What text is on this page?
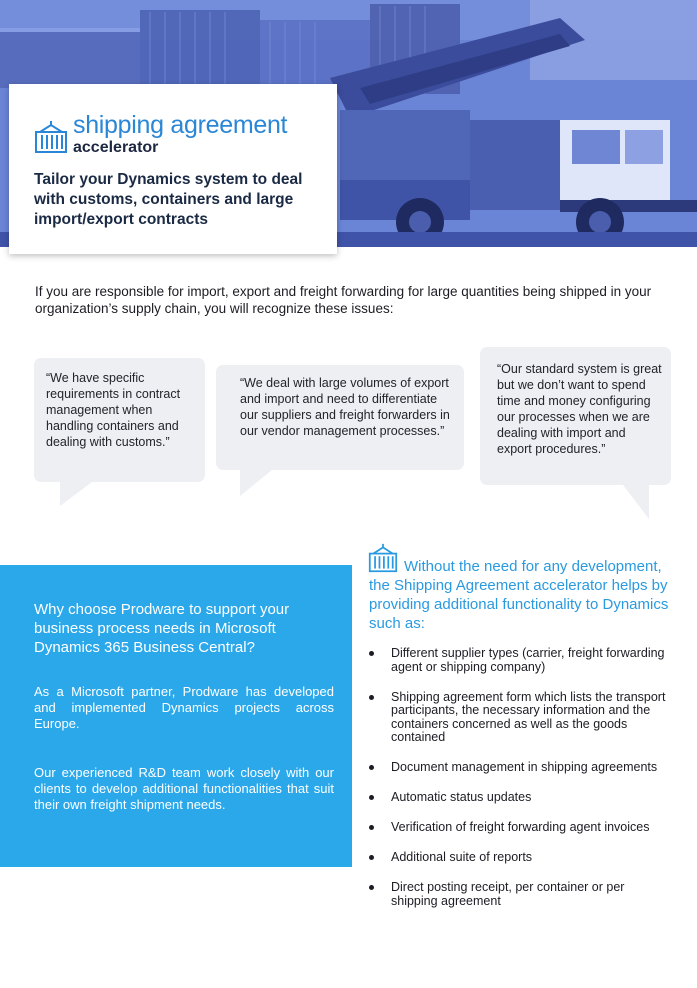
shipping agreement
accelerator
Tailor your Dynamics system to deal with customs, containers and large import/export contracts
If you are responsible for import, export and freight forwarding for large quantities being shipped in your organization’s supply chain, you will recognize these issues:
“We have specific requirements in contract management when handling containers and dealing with customs.”
“We deal with large volumes of export and import and need to differentiate our suppliers and freight forwarders in our vendor management processes.”
“Our standard system is great but we don’t want to spend time and money configuring our processes when we are dealing with import and export procedures.”
Why choose Prodware to support your business process needs in Microsoft Dynamics 365 Business Central?
As a Microsoft partner, Prodware has developed and implemented Dynamics projects across Europe.
Our experienced R&D team work closely with our clients to develop additional functionalities that suit their own freight shipment needs.
Without the need for any development, the Shipping Agreement accelerator helps by providing additional functionality to Dynamics such as:
Different supplier types (carrier, freight forwarding agent or shipping company)
Shipping agreement form which lists the transport participants, the necessary information and the containers concerned as well as the goods contained
Document management in shipping agreements
Automatic status updates
Verification of freight forwarding agent invoices
Additional suite of reports
Direct posting receipt, per container or per shipping agreement
